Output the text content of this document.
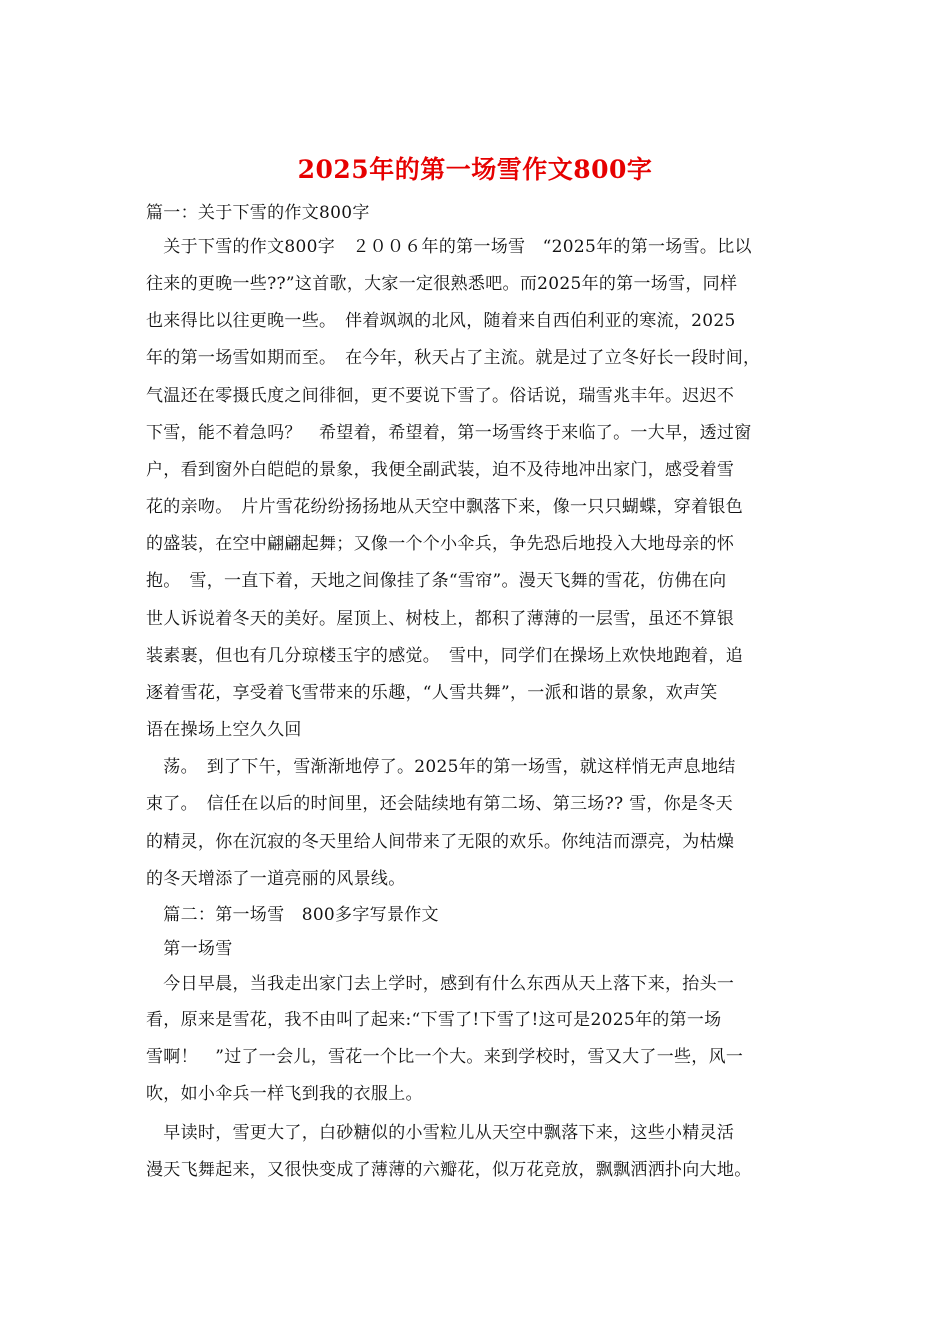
2025年的第一场雪作文800字
篇一：关于下雪的作文800字
　关于下雪的作文800字　２００６年的第一场雪　“2025年的第一场雪。比以
往来的更晚一些??”这首歌，大家一定很熟悉吧。而2025年的第一场雪，同样
也来得比以往更晚一些。　伴着飒飒的北风，随着来自西伯利亚的寒流，2025
年的第一场雪如期而至。　在今年，秋天占了主流。就是过了立冬好长一段时间，
气温还在零摄氏度之间徘徊，更不要说下雪了。俗话说，瑞雪兆丰年。迟迟不
下雪，能不着急吗？　希望着，希望着，第一场雪终于来临了。一大早，透过窗
户，看到窗外白皑皑的景象，我便全副武装，迫不及待地冲出家门，感受着雪
花的亲吻。　片片雪花纷纷扬扬地从天空中飘落下来，像一只只蝴蝶，穿着银色
的盛装，在空中翩翩起舞；又像一个个小伞兵，争先恐后地投入大地母亲的怀
抱。　雪，一直下着，天地之间像挂了条“雪帘”。漫天飞舞的雪花，仿佛在向
世人诉说着冬天的美好。屋顶上、树枝上，都积了薄薄的一层雪，虽还不算银
装素裹，但也有几分琼楼玉宇的感觉。　雪中，同学们在操场上欢快地跑着，追
逐着雪花，享受着飞雪带来的乐趣，“人雪共舞”，一派和谐的景象，欢声笑
语在操场上空久久回
　荡。　到了下午，雪渐渐地停了。2025年的第一场雪，就这样悄无声息地结
束了。　信任在以后的时间里，还会陆续地有第二场、第三场?? 雪，你是冬天
的精灵，你在沉寂的冬天里给人间带来了无限的欢乐。你纯洁而漂亮，为枯燥
的冬天增添了一道亮丽的风景线。
　篇二：第一场雪　800多字写景作文
　第一场雪
　今日早晨，当我走出家门去上学时，感到有什么东西从天上落下来，抬头一
看，原来是雪花，我不由叫了起来:“下雪了!下雪了!这可是2025年的第一场
雪啊！　”过了一会儿，雪花一个比一个大。来到学校时，雪又大了一些，风一
吹，如小伞兵一样飞到我的衣服上。
　早读时，雪更大了，白砂糖似的小雪粒儿从天空中飘落下来，这些小精灵活
漫天飞舞起来，又很快变成了薄薄的六瓣花，似万花竞放，飘飘洒洒扑向大地。
